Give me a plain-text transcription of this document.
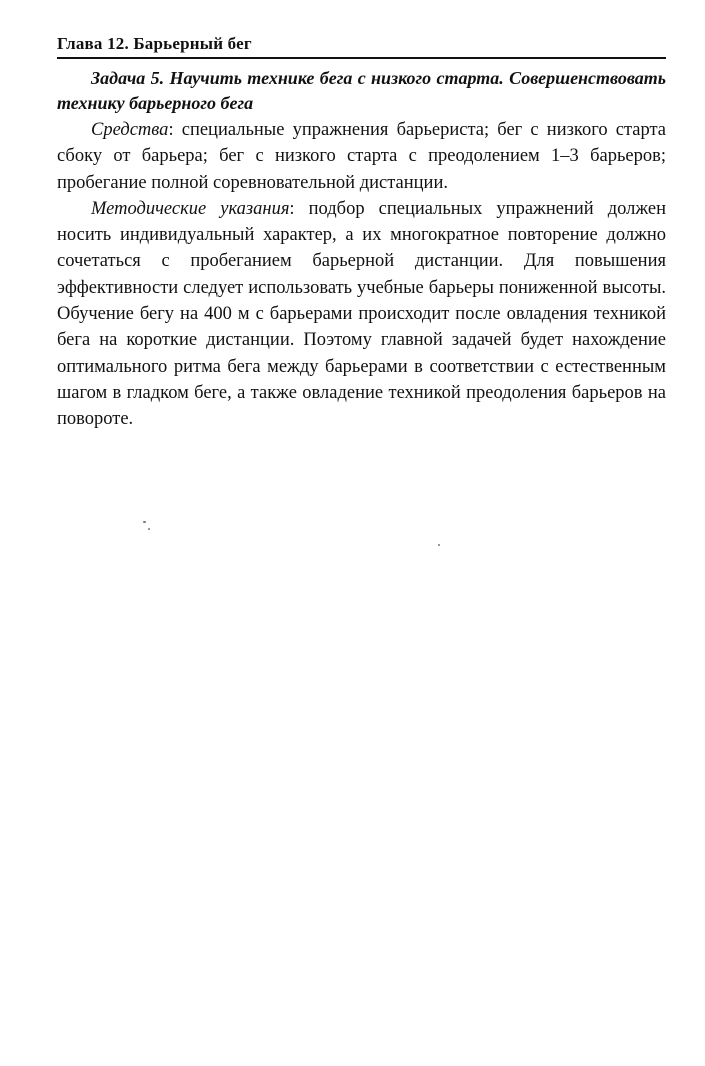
Глава 12. Барьерный бег

Задача 5. Научить технике бега с низкого старта. Совершенствовать технику барьерного бега

Средства: специальные упражнения барьериста; бег с низкого старта сбоку от барьера; бег с низкого старта с преодолением 1–3 барьеров; пробегание полной соревновательной дистанции.

Методические указания: подбор специальных упражнений должен носить индивидуальный характер, а их многократное повторение должно сочетаться с пробеганием барьерной дистанции. Для повышения эффективности следует использовать учебные барьеры пониженной высоты. Обучение бегу на 400 м с барьерами происходит после овладения техникой бега на короткие дистанции. Поэтому главной задачей будет нахождение оптимального ритма бега между барьерами в соответствии с естественным шагом в гладком беге, а также овладение техникой преодоления барьеров на повороте.
